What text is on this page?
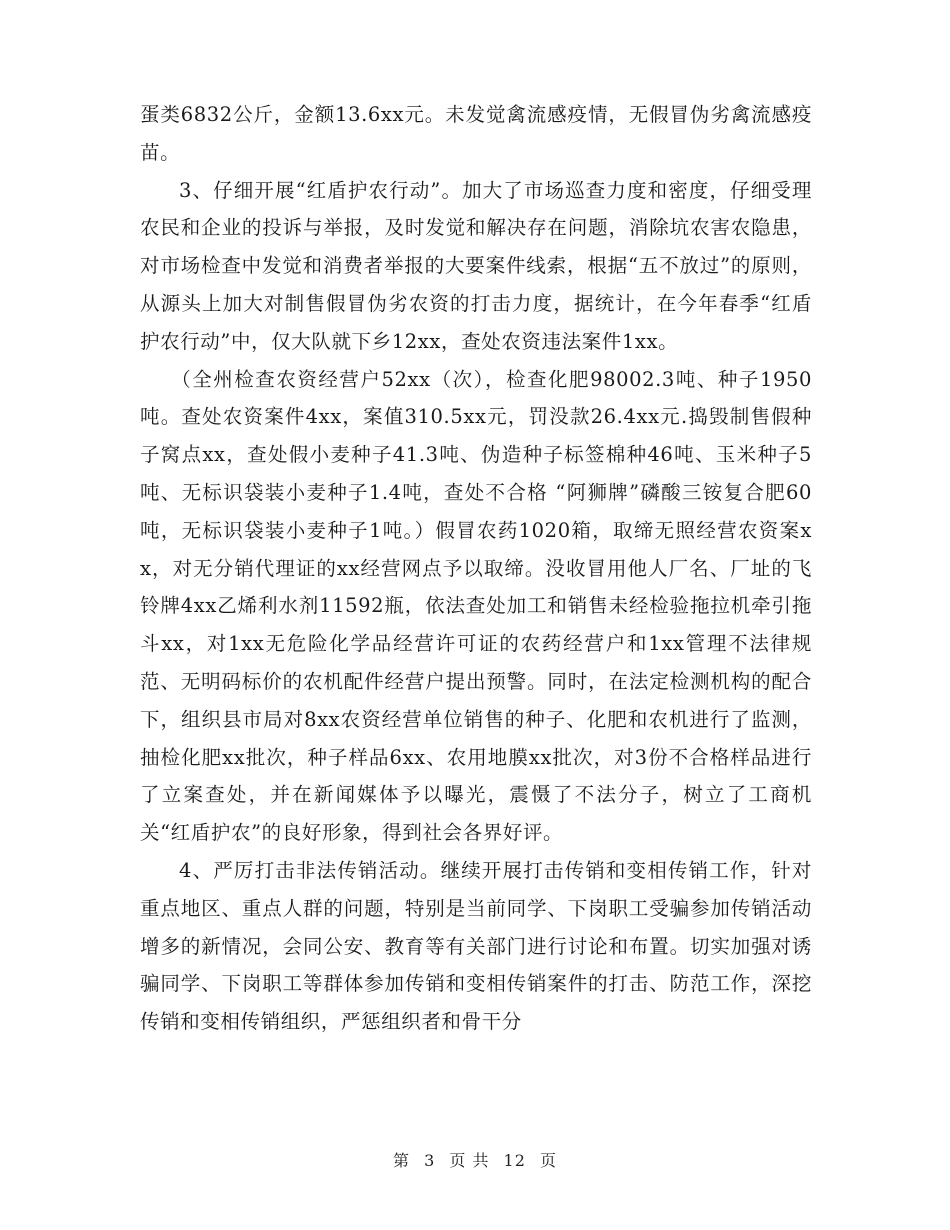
蛋类6832公斤，金额13.6xx元。未发觉禽流感疫情，无假冒伪劣禽流感疫苗。

3、仔细开展“红盾护农行动”。加大了市场巡查力度和密度，仔细受理农民和企业的投诉与举报，及时发觉和解决存在问题，消除坑农害农隐患，对市场检查中发觉和消费者举报的大要案件线索，根据“五不放过”的原则，从源头上加大对制售假冒伪劣农资的打击力度，据统计，在今年春季“红盾护农行动”中，仅大队就下乡12xx，查处农资违法案件1xx。

（全州检查农资经营户52xx（次），检查化肥98002.3吨、种子1950吨。查处农资案件4xx，案值310.5xx元，罚没款26.4xx元.捣毁制售假种子窝点xx，查处假小麦种子41.3吨、伪造种子标签棉种46吨、玉米种子5吨、无标识袋装小麦种子1.4吨，查处不合格 “阿狮牌”磷酸三铵复合肥60吨，无标识袋装小麦种子1吨。）假冒农药1020箱，取缔无照经营农资案xx，对无分销代理证的xx经营网点予以取缔。没收冒用他人厂名、厂址的飞铃牌4xx乙烯利水剂11592瓶，依法查处加工和销售未经检验拖拉机牵引拖斗xx，对1xx无危险化学品经营许可证的农药经营户和1xx管理不法律规范、无明码标价的农机配件经营户提出预警。同时，在法定检测机构的配合下，组织县市局对8xx农资经营单位销售的种子、化肥和农机进行了监测，抽检化肥xx批次，种子样品6xx、农用地膜xx批次，对3份不合格样品进行了立案查处，并在新闻媒体予以曝光，震慑了不法分子，树立了工商机关“红盾护农”的良好形象，得到社会各界好评。

4、严厉打击非法传销活动。继续开展打击传销和变相传销工作，针对重点地区、重点人群的问题，特别是当前同学、下岗职工受骗参加传销活动增多的新情况，会同公安、教育等有关部门进行讨论和布置。切实加强对诱骗同学、下岗职工等群体参加传销和变相传销案件的打击、防范工作，深挖传销和变相传销组织，严惩组织者和骨干分

第 3 页 共 12 页
